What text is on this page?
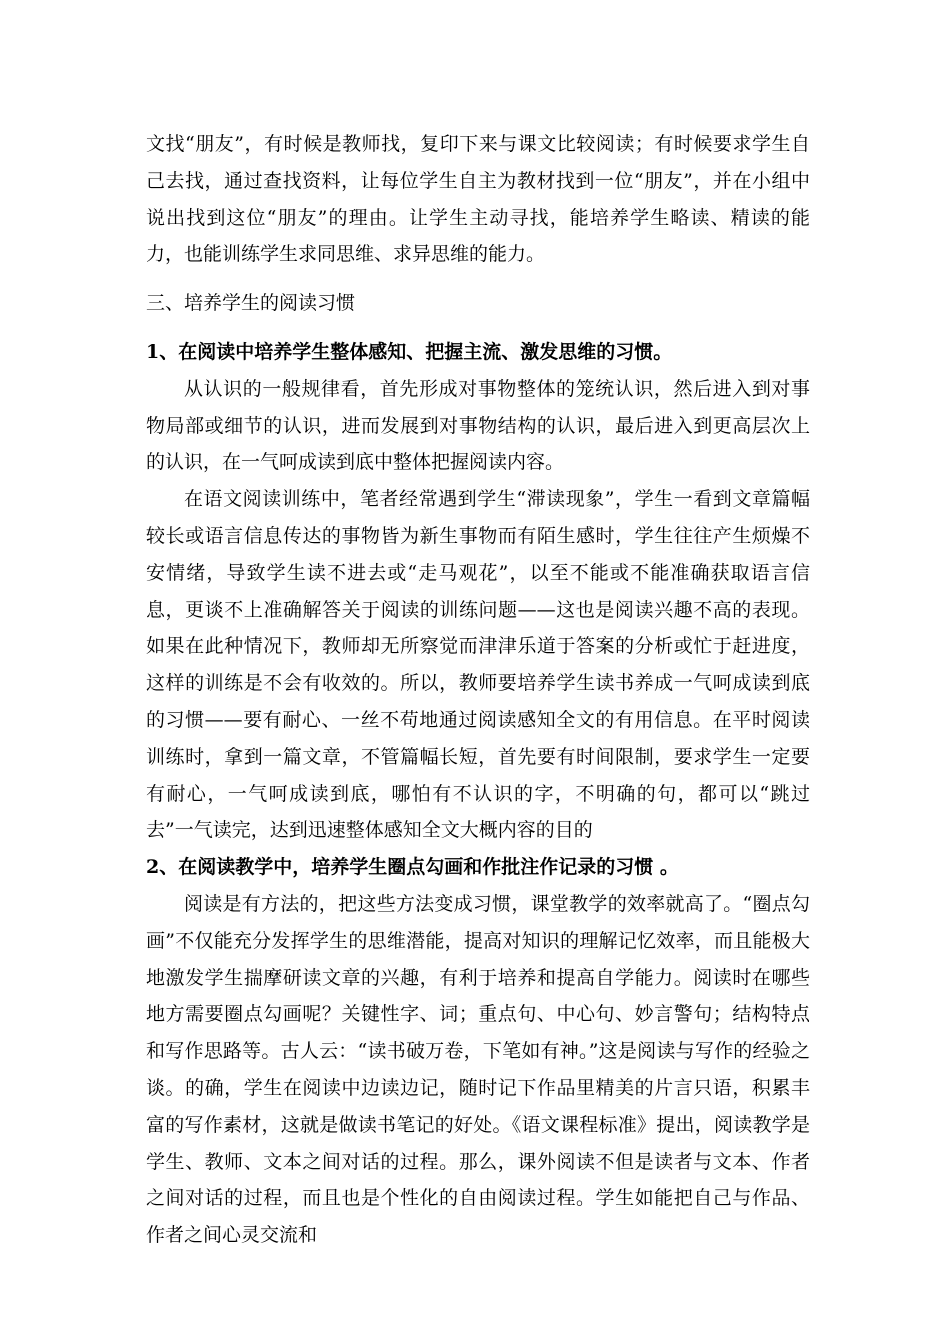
文找“朋友”，有时候是教师找，复印下来与课文比较阅读；有时候要求学生自己去找，通过查找资料，让每位学生自主为教材找到一位“朋友”，并在小组中说出找到这位“朋友”的理由。让学生主动寻找，能培养学生略读、精读的能力，也能训练学生求同思维、求异思维的能力。

三、培养学生的阅读习惯

1、在阅读中培养学生整体感知、把握主流、激发思维的习惯。

从认识的一般规律看，首先形成对事物整体的笼统认识，然后进入到对事物局部或细节的认识，进而发展到对事物结构的认识，最后进入到更高层次上的认识，在一气呵成读到底中整体把握阅读内容。

在语文阅读训练中，笔者经常遇到学生“滞读现象”，学生一看到文章篇幅较长或语言信息传达的事物皆为新生事物而有陌生感时，学生往往产生烦燥不安情绪，导致学生读不进去或“走马观花”，以至不能或不能准确获取语言信息，更谈不上准确解答关于阅读的训练问题——这也是阅读兴趣不高的表现。如果在此种情况下，教师却无所察觉而津津乐道于答案的分析或忙于赶进度，这样的训练是不会有收效的。所以，教师要培养学生读书养成一气呵成读到底的习惯——要有耐心、一丝不苟地通过阅读感知全文的有用信息。在平时阅读训练时，拿到一篇文章，不管篇幅长短，首先要有时间限制，要求学生一定要有耐心，一气呵成读到底，哪怕有不认识的字，不明确的句，都可以“跳过去”一气读完，达到迅速整体感知全文大概内容的目的

2、在阅读教学中，培养学生圈点勾画和作批注作记录的习惯 。

阅读是有方法的，把这些方法变成习惯，课堂教学的效率就高了。“圈点勾画”不仅能充分发挥学生的思维潜能，提高对知识的理解记忆效率，而且能极大地激发学生揣摩研读文章的兴趣，有利于培养和提高自学能力。阅读时在哪些地方需要圈点勾画呢？关键性字、词；重点句、中心句、妙言警句；结构特点和写作思路等。古人云：“读书破万卷，下笔如有神。”这是阅读与写作的经验之谈。的确，学生在阅读中边读边记，随时记下作品里精美的片言只语，积累丰富的写作素材，这就是做读书笔记的好处。《语文课程标准》提出，阅读教学是学生、教师、文本之间对话的过程。那么，课外阅读不但是读者与文本、作者之间对话的过程，而且也是个性化的自由阅读过程。学生如能把自己与作品、作者之间心灵交流和
